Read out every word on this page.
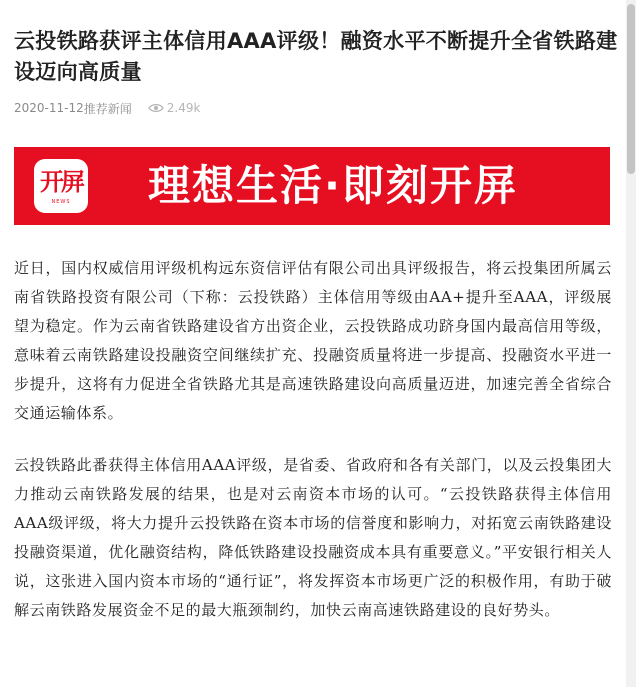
云投铁路获评主体信用AAA评级！融资水平不断提升全省铁路建设迈向高质量
2020-11-12 推荐新闻	2.49k
开屏
NEWS	理想生活·即刻开屏

近日，国内权威信用评级机构远东资信评估有限公司出具评级报告，将云投集团所属云南省铁路投资有限公司（下称：云投铁路）主体信用等级由AA+提升至AAA，评级展望为稳定。作为云南省铁路建设省方出资企业，云投铁路成功跻身国内最高信用等级，意味着云南铁路建设投融资空间继续扩充、投融资质量将进一步提高、投融资水平进一步提升，这将有力促进全省铁路尤其是高速铁路建设向高质量迈进，加速完善全省综合交通运输体系。

云投铁路此番获得主体信用AAA评级，是省委、省政府和各有关部门，以及云投集团大力推动云南铁路发展的结果，也是对云南资本市场的认可。“云投铁路获得主体信用AAA级评级，将大力提升云投铁路在资本市场的信誉度和影响力，对拓宽云南铁路建设投融资渠道，优化融资结构，降低铁路建设投融资成本具有重要意义。”平安银行相关人说，这张进入国内资本市场的“通行证”，将发挥资本市场更广泛的积极作用，有助于破解云南铁路发展资金不足的最大瓶颈制约，加快云南高速铁路建设的良好势头。
